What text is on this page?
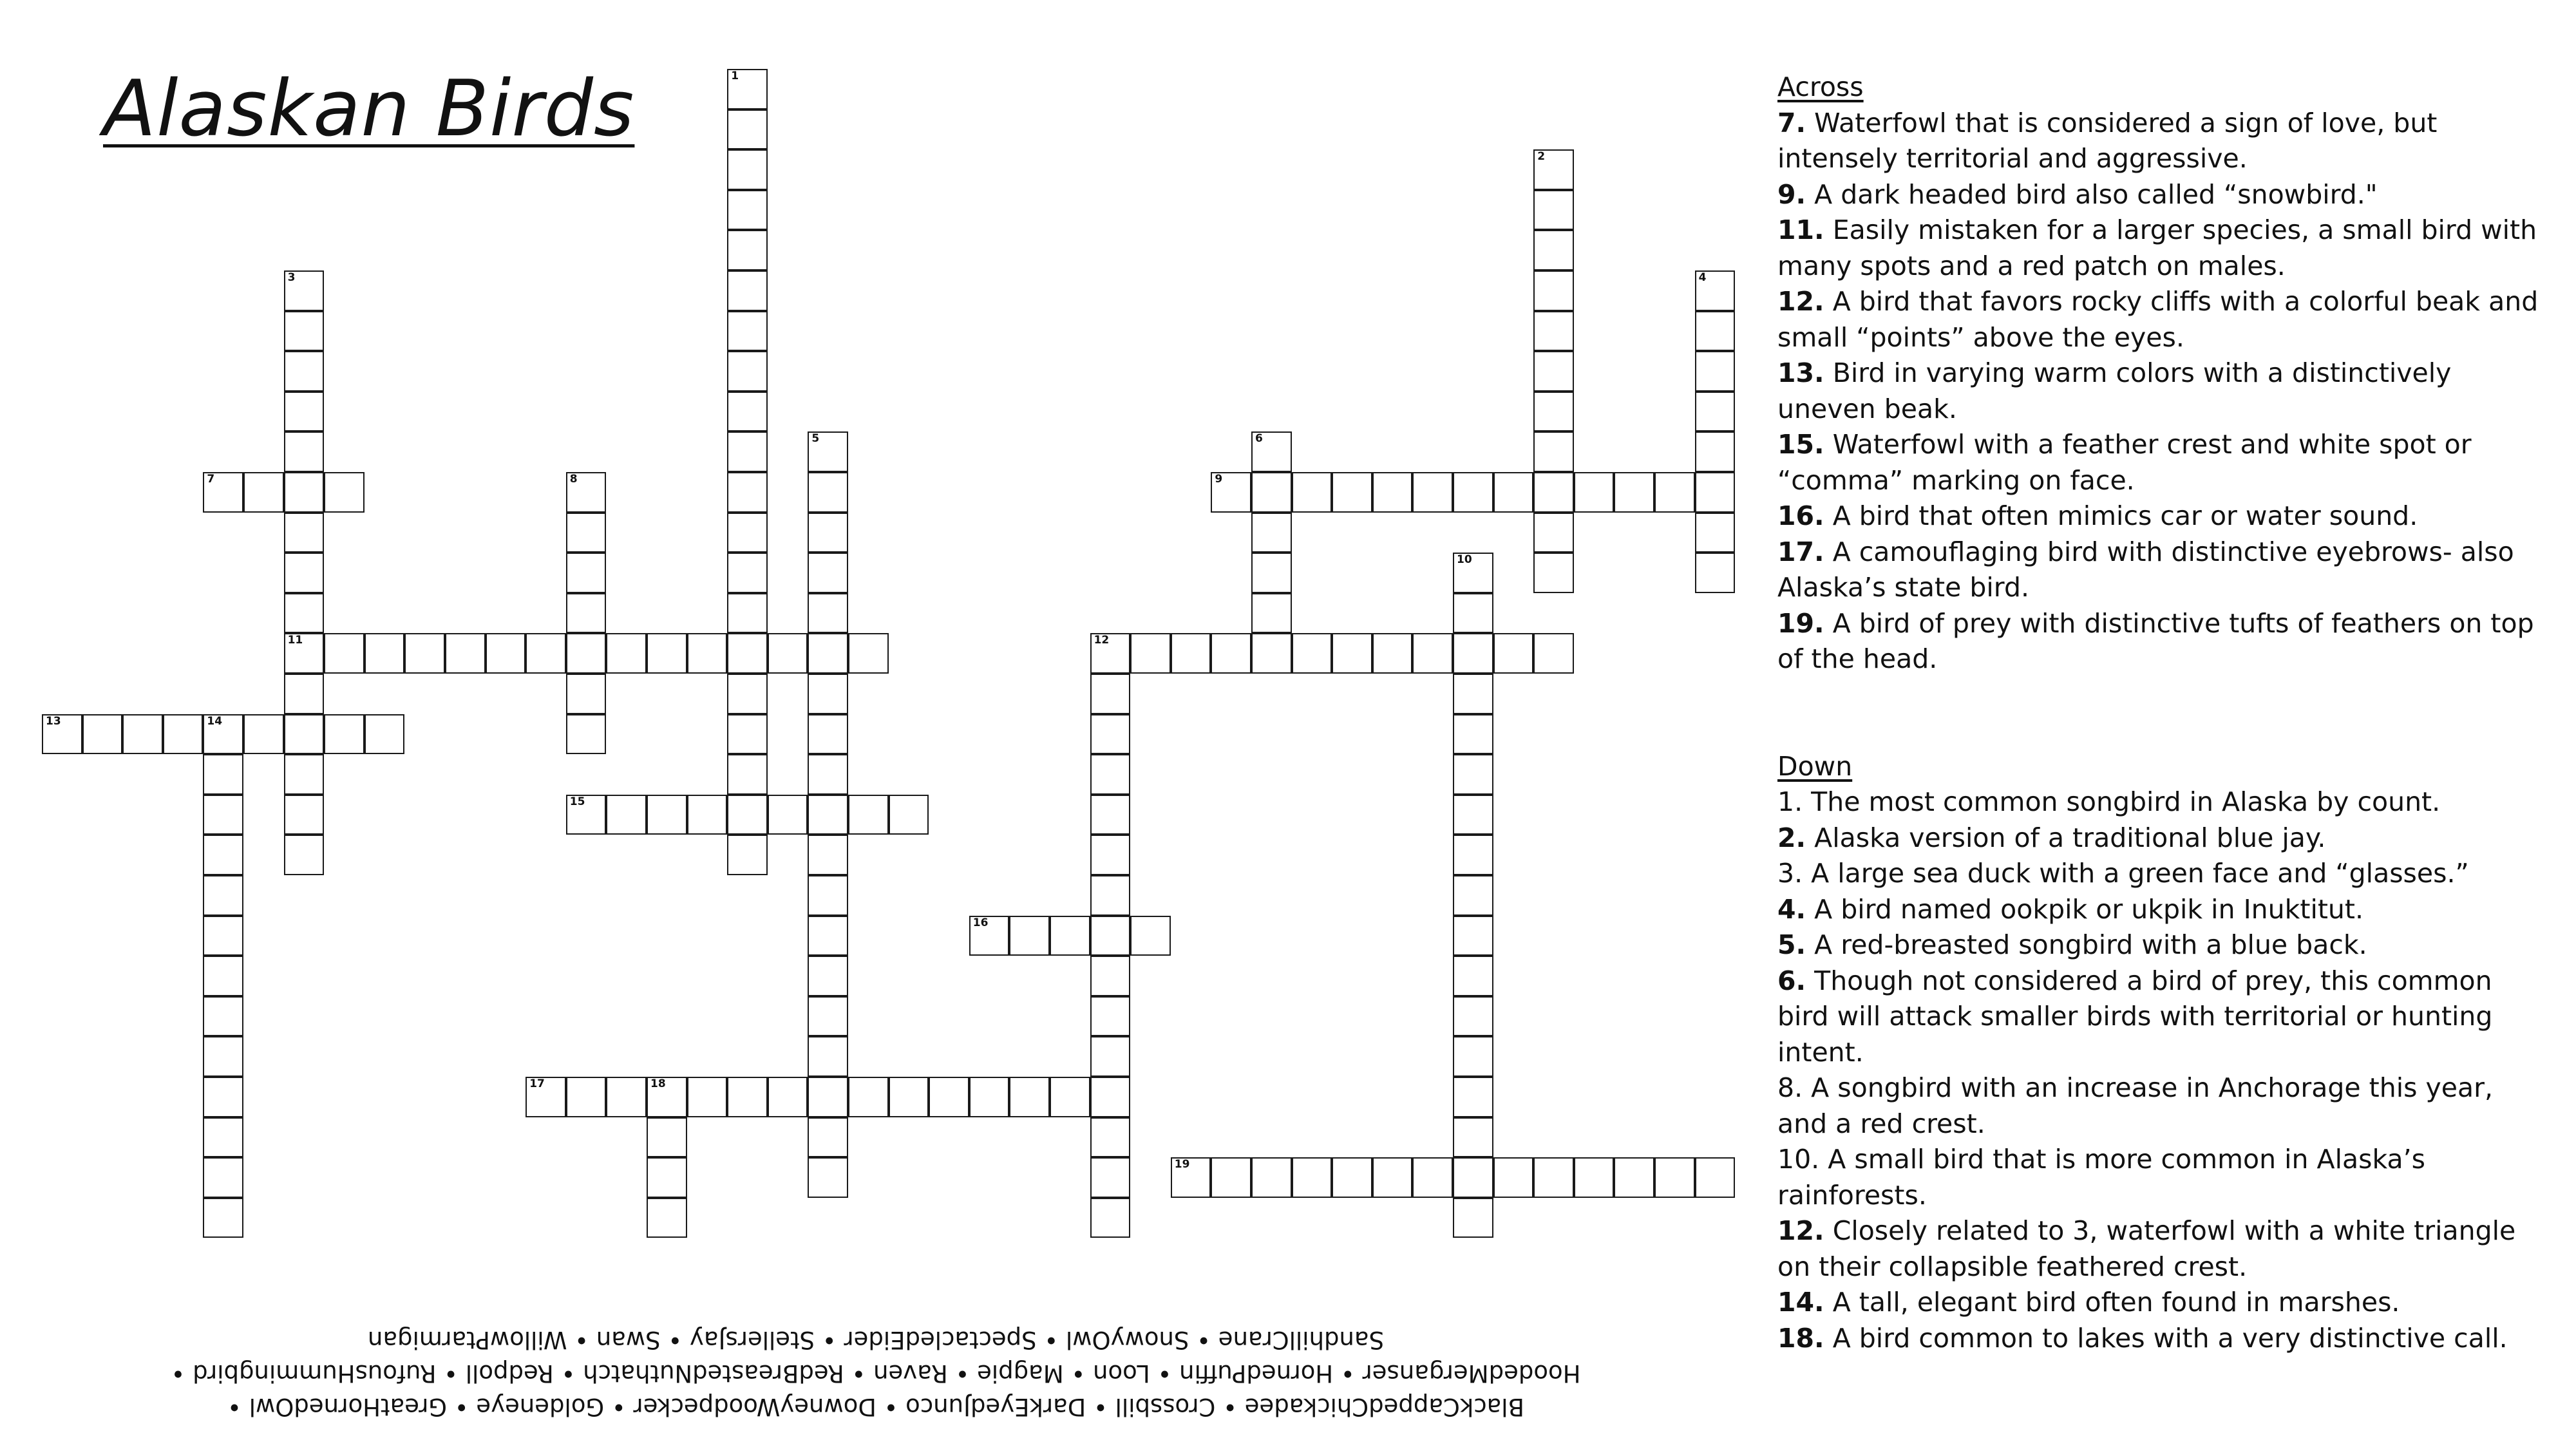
Alaskan Birds	1
2
3
11
4
5	6
7	8	9
10
12
13	14
15
16
17	18
19
BlackCappedChickadee • Crossbill • DarkEyedJunco • DowneyWoodpecker • Goldeneye • GreatHornedOwl •
HoodedMerganser • HornedPuffin • Loon • Magpie • Raven • RedBreastedNuthatch • Redpoll • RufousHummingbird •
SandhillCrane • SnowyOwl • SpectacledEider • StellersJay • Swan • WillowPtarmigan
Across
7. Waterfowl that is considered a sign of love, but intensely territorial and aggressive.
9. A dark headed bird also called “snowbird."
11. Easily mistaken for a larger species, a small bird with many spots and a red patch on males.
12. A bird that favors rocky cliffs with a colorful beak and small “points” above the eyes.
13. Bird in varying warm colors with a distinctively uneven beak.
15. Waterfowl with a feather crest and white spot or “comma” marking on face.
16. A bird that often mimics car or water sound.
17. A camouflaging bird with distinctive eyebrows- also Alaska’s state bird.
19. A bird of prey with distinctive tufts of feathers on top of the head.
Down
1. The most common songbird in Alaska by count.
2. Alaska version of a traditional blue jay.
3. A large sea duck with a green face and “glasses.”
4. A bird named ookpik or ukpik in Inuktitut.
5. A red-breasted songbird with a blue back.
6. Though not considered a bird of prey, this common bird will attack smaller birds with territorial or hunting intent.
8. A songbird with an increase in Anchorage this year, and a red crest.
10. A small bird that is more common in Alaska’s rainforests.
12. Closely related to 3, waterfowl with a white triangle on their collapsible feathered crest.
14. A tall, elegant bird often found in marshes.
18. A bird common to lakes with a very distinctive call.
